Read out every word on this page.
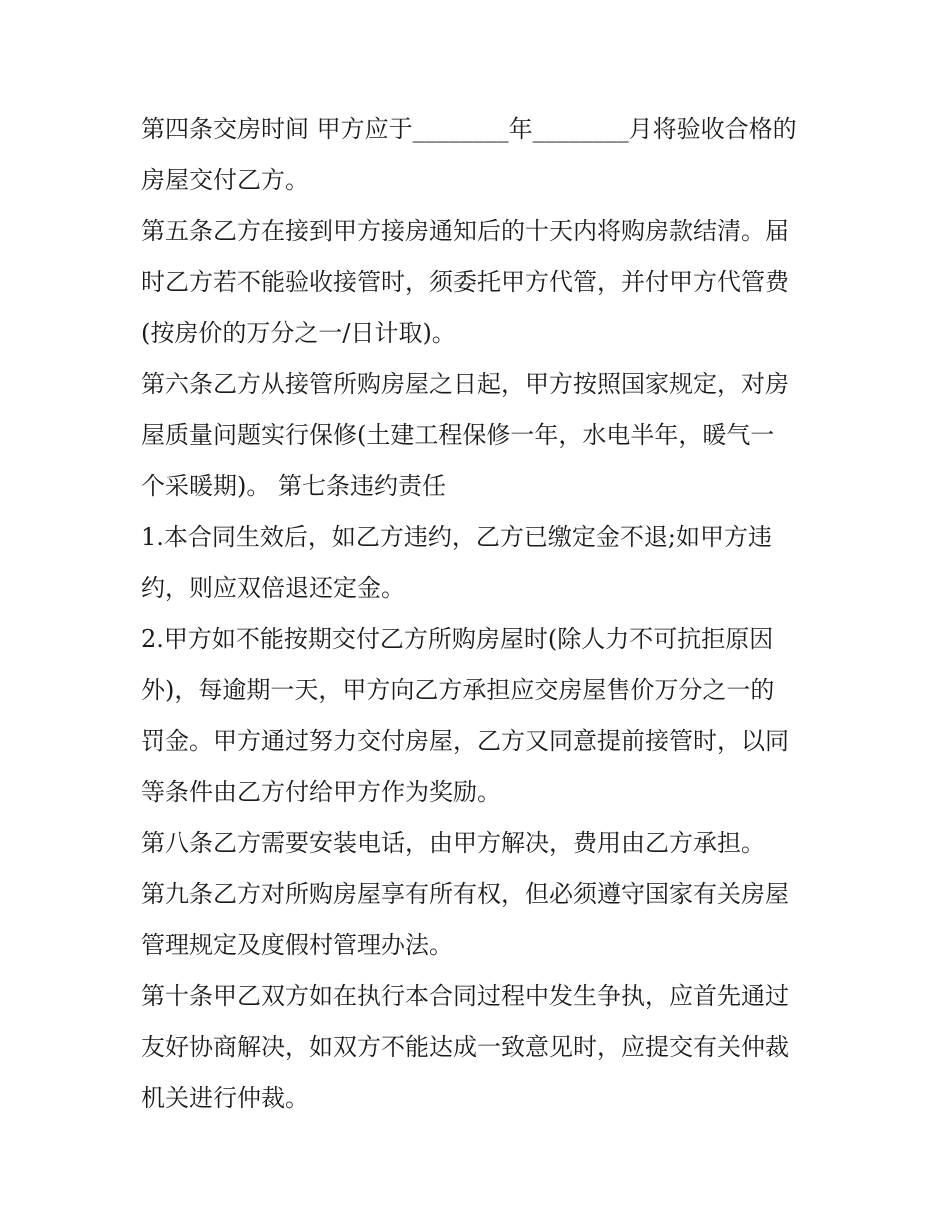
第四条交房时间 甲方应于________年________月将验收合格的
房屋交付乙方。

第五条乙方在接到甲方接房通知后的十天内将购房款结清。届
时乙方若不能验收接管时，须委托甲方代管，并付甲方代管费
(按房价的万分之一/日计取)。

第六条乙方从接管所购房屋之日起，甲方按照国家规定，对房
屋质量问题实行保修(土建工程保修一年，水电半年，暖气一
个采暖期)。 第七条违约责任

1.本合同生效后，如乙方违约，乙方已缴定金不退;如甲方违
约，则应双倍退还定金。

2.甲方如不能按期交付乙方所购房屋时(除人力不可抗拒原因
外)，每逾期一天，甲方向乙方承担应交房屋售价万分之一的
罚金。甲方通过努力交付房屋，乙方又同意提前接管时，以同
等条件由乙方付给甲方作为奖励。

第八条乙方需要安装电话，由甲方解决，费用由乙方承担。

第九条乙方对所购房屋享有所有权，但必须遵守国家有关房屋
管理规定及度假村管理办法。

第十条甲乙双方如在执行本合同过程中发生争执，应首先通过
友好协商解决，如双方不能达成一致意见时，应提交有关仲裁
机关进行仲裁。
